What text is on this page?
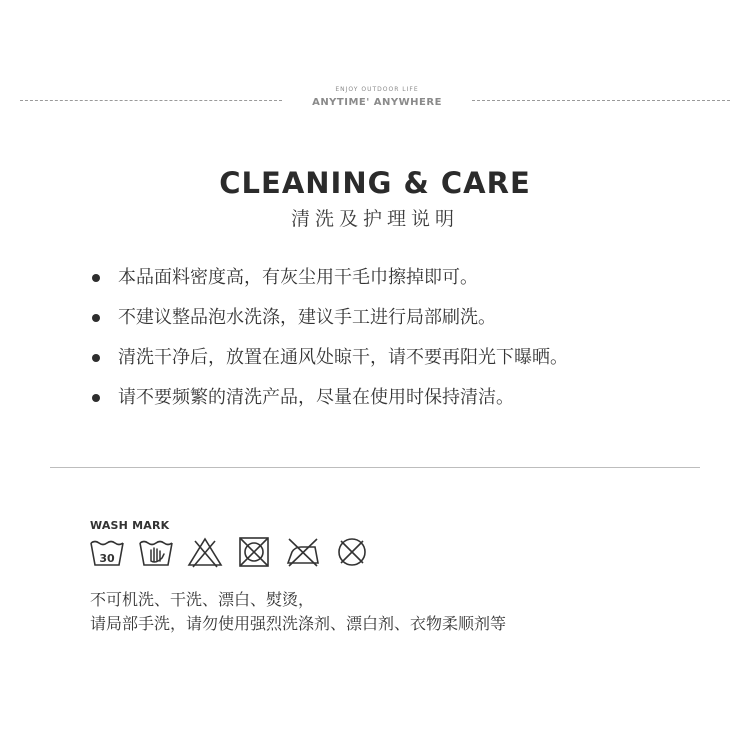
ENJOY OUTDOOR LIFE
ANYTIME' ANYWHERE
CLEANING & CARE
清洗及护理说明
本品面料密度高，有灰尘用干毛巾擦掉即可。
不建议整品泡水洗涤，建议手工进行局部刷洗。
清洗干净后，放置在通风处晾干，请不要再阳光下曝晒。
请不要频繁的清洗产品，尽量在使用时保持清洁。
WASH MARK
30
不可机洗、干洗、漂白、熨烫，
请局部手洗，请勿使用强烈洗涤剂、漂白剂、衣物柔顺剂等
